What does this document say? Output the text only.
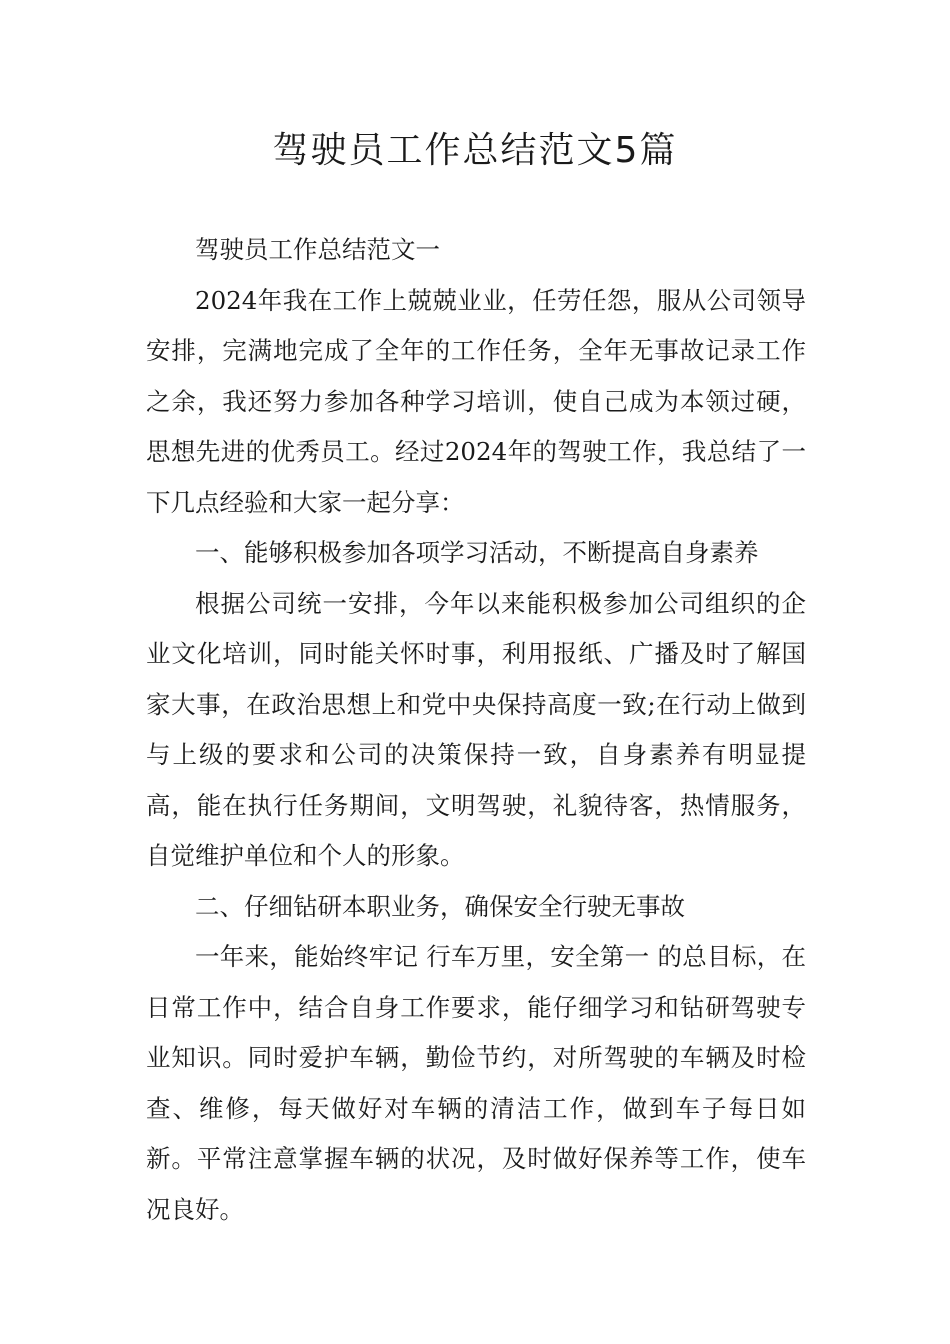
驾驶员工作总结范文5篇

驾驶员工作总结范文一

2024年我在工作上兢兢业业，任劳任怨，服从公司领导安排，完满地完成了全年的工作任务，全年无事故记录工作之余，我还努力参加各种学习培训，使自己成为本领过硬，思想先进的优秀员工。经过2024年的驾驶工作，我总结了一下几点经验和大家一起分享：

一、能够积极参加各项学习活动，不断提高自身素养

根据公司统一安排，今年以来能积极参加公司组织的企业文化培训，同时能关怀时事，利用报纸、广播及时了解国家大事，在政治思想上和党中央保持高度一致;在行动上做到与上级的要求和公司的决策保持一致，自身素养有明显提高，能在执行任务期间，文明驾驶，礼貌待客，热情服务，自觉维护单位和个人的形象。

二、仔细钻研本职业务，确保安全行驶无事故

一年来，能始终牢记 行车万里，安全第一 的总目标，在日常工作中，结合自身工作要求，能仔细学习和钻研驾驶专业知识。同时爱护车辆，勤俭节约，对所驾驶的车辆及时检查、维修，每天做好对车辆的清洁工作，做到车子每日如新。平常注意掌握车辆的状况，及时做好保养等工作，使车况良好。
